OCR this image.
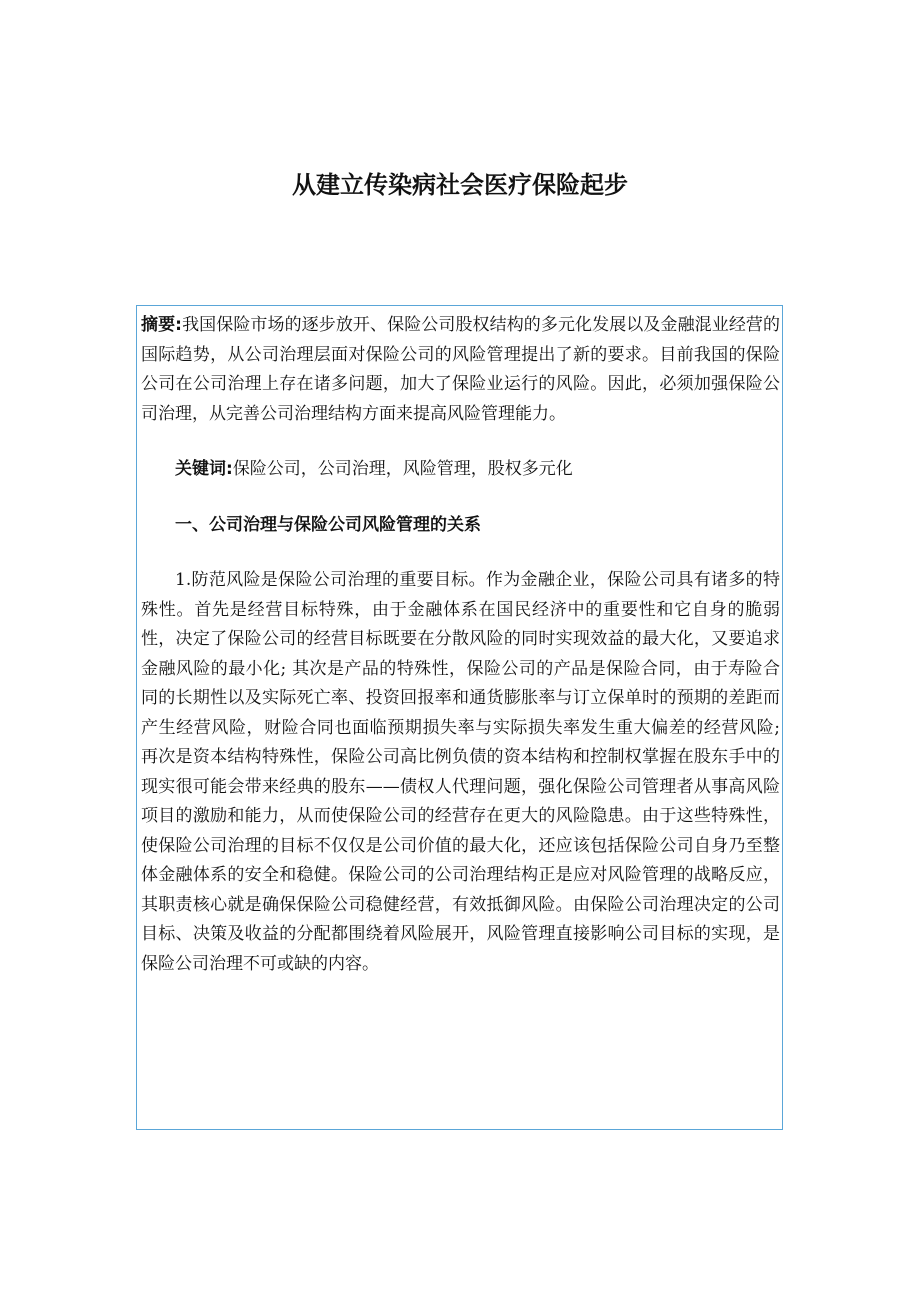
从建立传染病社会医疗保险起步

摘要:我国保险市场的逐步放开、保险公司股权结构的多元化发展以及金融混业经营的国际趋势，从公司治理层面对保险公司的风险管理提出了新的要求。目前我国的保险公司在公司治理上存在诸多问题，加大了保险业运行的风险。因此，必须加强保险公司治理，从完善公司治理结构方面来提高风险管理能力。

关键词:保险公司，公司治理，风险管理，股权多元化

一、公司治理与保险公司风险管理的关系

1.防范风险是保险公司治理的重要目标。作为金融企业，保险公司具有诸多的特殊性。首先是经营目标特殊，由于金融体系在国民经济中的重要性和它自身的脆弱性，决定了保险公司的经营目标既要在分散风险的同时实现效益的最大化，又要追求金融风险的最小化; 其次是产品的特殊性，保险公司的产品是保险合同，由于寿险合同的长期性以及实际死亡率、投资回报率和通货膨胀率与订立保单时的预期的差距而产生经营风险，财险合同也面临预期损失率与实际损失率发生重大偏差的经营风险; 再次是资本结构特殊性，保险公司高比例负债的资本结构和控制权掌握在股东手中的现实很可能会带来经典的股东——债权人代理问题，强化保险公司管理者从事高风险项目的激励和能力，从而使保险公司的经营存在更大的风险隐患。由于这些特殊性，使保险公司治理的目标不仅仅是公司价值的最大化，还应该包括保险公司自身乃至整体金融体系的安全和稳健。保险公司的公司治理结构正是应对风险管理的战略反应，其职责核心就是确保保险公司稳健经营，有效抵御风险。由保险公司治理决定的公司目标、决策及收益的分配都围绕着风险展开，风险管理直接影响公司目标的实现，是保险公司治理不可或缺的内容。
